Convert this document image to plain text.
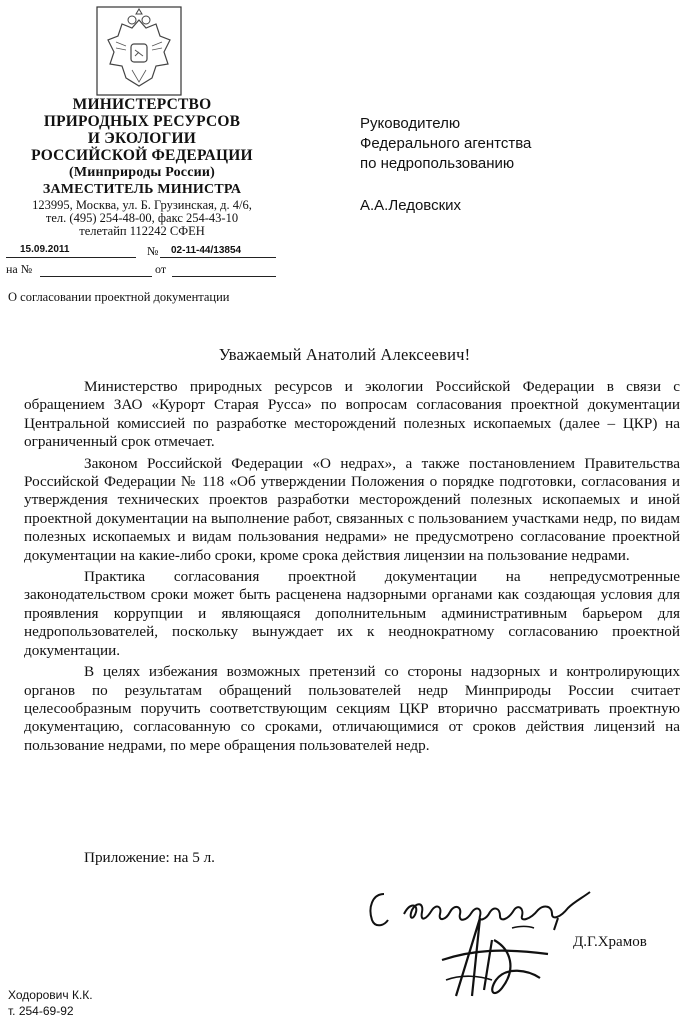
МИНИСТЕРСТВО
ПРИРОДНЫХ РЕСУРСОВ
И ЭКОЛОГИИ
РОССИЙСКОЙ ФЕДЕРАЦИИ
(Минприроды России)
ЗАМЕСТИТЕЛЬ МИНИСТРА
123995, Москва, ул. Б. Грузинская, д. 4/6,
тел. (495) 254-48-00, факс 254-43-10
телетайп 112242 СФЕН
15.09.2011	№ 02-11-44/13854
на №	от
О согласовании проектной документации
Руководителю
Федерального агентства
по недропользованию
А.А.Ледовских
Уважаемый Анатолий Алексеевич!

Министерство природных ресурсов и экологии Российской Федерации в связи с обращением ЗАО «Курорт Старая Русса» по вопросам согласования проектной документации Центральной комиссией по разработке месторождений полезных ископаемых (далее – ЦКР) на ограниченный срок отмечает.

Законом Российской Федерации «О недрах», а также постановлением Правительства Российской Федерации № 118 «Об утверждении Положения о порядке подготовки, согласования и утверждения технических проектов разработки месторождений полезных ископаемых и иной проектной документации на выполнение работ, связанных с пользованием участками недр, по видам полезных ископаемых и видам пользования недрами» не предусмотрено согласование проектной документации на какие-либо сроки, кроме срока действия лицензии на пользование недрами.

Практика согласования проектной документации на непредусмотренные законодательством сроки может быть расценена надзорными органами как создающая условия для проявления коррупции и являющаяся дополнительным административным барьером для недропользователей, поскольку вынуждает их к неоднократному согласованию проектной документации.

В целях избежания возможных претензий со стороны надзорных и контролирующих органов по результатам обращений пользователей недр Минприроды России считает целесообразным поручить соответствующим секциям ЦКР вторично рассматривать проектную документацию, согласованную со сроками, отличающимися от сроков действия лицензий на пользование недрами, по мере обращения пользователей недр.

Приложение: на 5 л.
Д.Г.Храмов
Ходорович К.К.
т. 254-69-92
